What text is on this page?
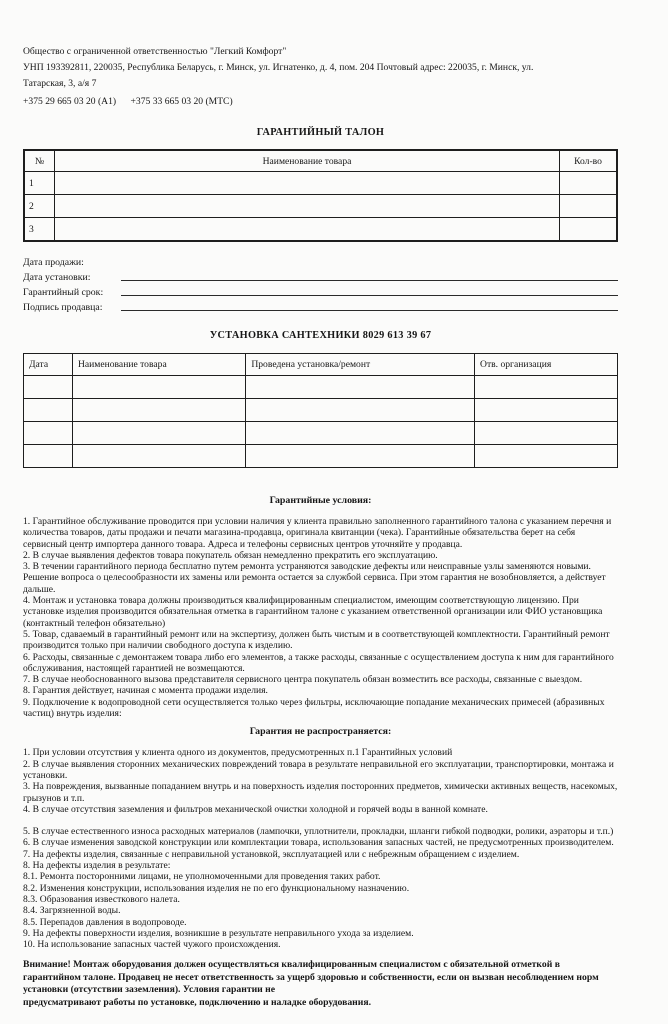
Общество с ограниченной ответственностью "Легкий Комфорт"
УНП 193392811, 220035, Республика Беларусь, г. Минск, ул. Игнатенко, д. 4, пом. 204 Почтовый адрес: 220035, г. Минск, ул.
Татарская, 3, а/я 7
+375 29 665 03 20 (А1) +375 33 665 03 20 (МТС)
ГАРАНТИЙНЫЙ ТАЛОН
№	Наименование товара	Кол-во
1		
2		
3		
Дата продажи:
Дата установки:
Гарантийный срок:
Подпись продавца:
УСТАНОВКА САНТЕХНИКИ 8029 613 39 67
Дата	Наименование товара	Проведена установка/ремонт	Отв. организация

Гарантийные условия:
1. Гарантийное обслуживание проводится при условии наличия у клиента правильно заполненного гарантийного талона с указанием перечня и количества товаров, даты продажи и печати магазина-продавца, оригинала квитанции (чека). Гарантийные обязательства берет на себя сервисный центр импортера данного товара. Адреса и телефоны сервисных центров уточняйте у продавца.
2. В случае выявления дефектов товара покупатель обязан немедленно прекратить его эксплуатацию.
3. В течении гарантийного периода бесплатно путем ремонта устраняются заводские дефекты или неисправные узлы заменяются новыми. Решение вопроса о целесообразности их замены или ремонта остается за службой сервиса. При этом гарантия не возобновляется, а действует дальше.
4. Монтаж и установка товара должны производиться квалифицированным специалистом, имеющим соответствующую лицензию. При установке изделия производится обязательная отметка в гарантийном талоне с указанием ответственной организации или ФИО установщика (контактный телефон обязательно)
5. Товар, сдаваемый в гарантийный ремонт или на экспертизу, должен быть чистым и в соответствующей комплектности. Гарантийный ремонт производится только при наличии свободного доступа к изделию.
6. Расходы, связанные с демонтажем товара либо его элементов, а также расходы, связанные с осуществлением доступа к ним для гарантийного обслуживания, настоящей гарантией не возмещаются.
7. В случае необоснованного вызова представителя сервисного центра покупатель обязан возместить все расходы, связанные с выездом.
8. Гарантия действует, начиная с момента продажи изделия.
9. Подключение к водопроводной сети осуществляется только через фильтры, исключающие попадание механических примесей (абразивных частиц) внутрь изделия:
Гарантия не распространяется:
1. При условии отсутствия у клиента одного из документов, предусмотренных п.1 Гарантийных условий
2. В случае выявления сторонних механических повреждений товара в результате неправильной его эксплуатации, транспортировки, монтажа и установки.
3. На повреждения, вызванные попаданием внутрь и на поверхность изделия посторонних предметов, химически активных веществ, насекомых, грызунов и т.п.
4. В случае отсутствия заземления и фильтров механической очистки холодной и горячей воды в ванной комнате.
5. В случае естественного износа расходных материалов (лампочки, уплотнители, прокладки, шланги гибкой подводки, ролики, аэраторы и т.п.)
6. В случае изменения заводской конструкции или комплектации товара, использования запасных частей, не предусмотренных производителем.
7. На дефекты изделия, связанные с неправильной установкой, эксплуатацией или с небрежным обращением с изделием.
8. На дефекты изделия в результате:
8.1. Ремонта посторонними лицами, не уполномоченными для проведения таких работ.
8.2. Изменения конструкции, использования изделия не по его функциональному назначению.
8.3. Образования известкового налета.
8.4. Загрязненной воды.
8.5. Перепадов давления в водопроводе.
9. На дефекты поверхности изделия, возникшие в результате неправильного ухода за изделием.
10. На использование запасных частей чужого происхождения.
Внимание! Монтаж оборудования должен осуществляться квалифицированным специалистом с обязательной отметкой в гарантийном талоне. Продавец не несет ответственность за ущерб здоровью и собственности, если он вызван несоблюдением норм установки (отсутствии заземления). Условия гарантии не
предусматривают работы по установке, подключению и наладке оборудования.
